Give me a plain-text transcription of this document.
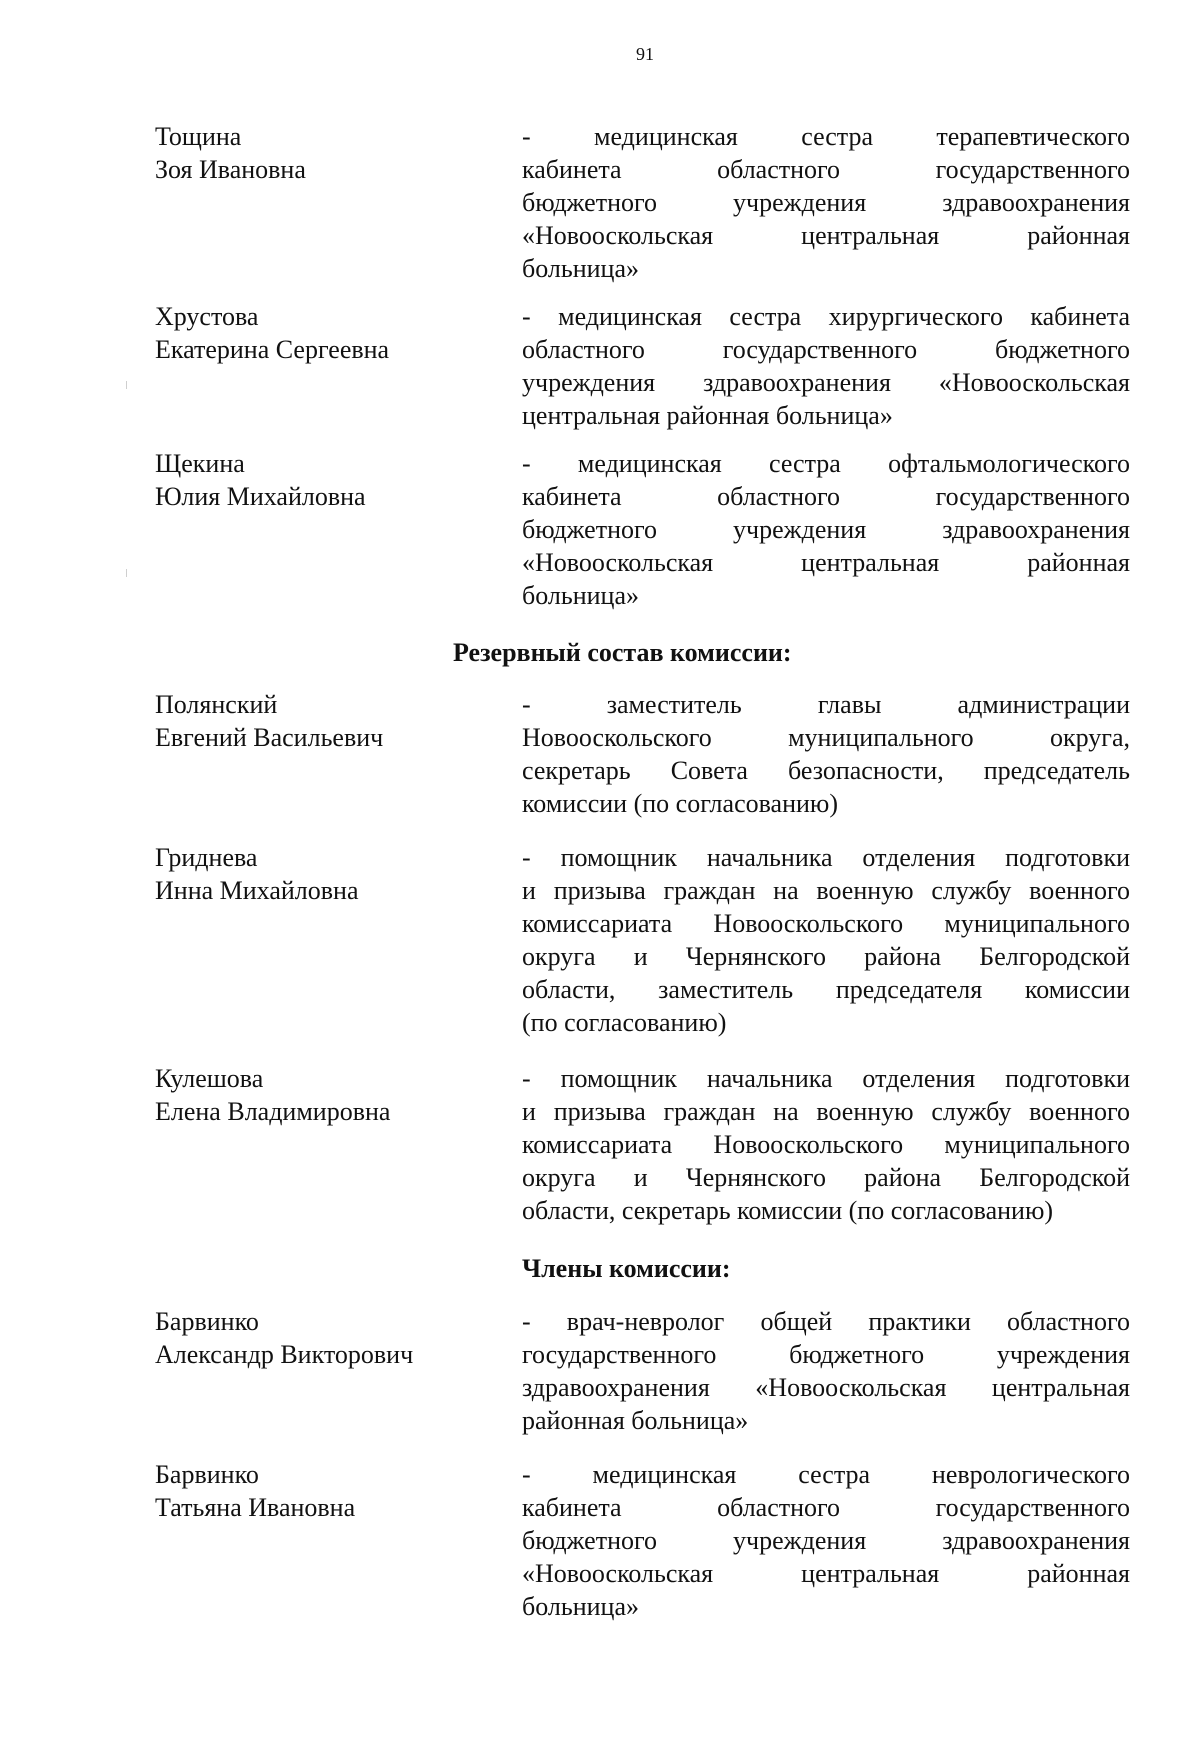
91
Тощина
Зоя Ивановна
- медицинская сестра терапевтического
кабинета областного государственного
бюджетного учреждения здравоохранения
«Новооскольская центральная районная
больница»
Хрустова
Екатерина Сергеевна
- медицинская сестра хирургического кабинета
областного государственного бюджетного
учреждения здравоохранения «Новооскольская
центральная районная больница»
Щекина
Юлия Михайловна
- медицинская сестра офтальмологического
кабинета областного государственного
бюджетного учреждения здравоохранения
«Новооскольская центральная районная
больница»
Резервный состав комиссии:
Полянский
Евгений Васильевич
- заместитель главы администрации
Новооскольского муниципального округа,
секретарь Совета безопасности, председатель
комиссии (по согласованию)
Гриднева
Инна Михайловна
- помощник начальника отделения подготовки
и призыва граждан на военную службу военного
комиссариата Новооскольского муниципального
округа и Чернянского района Белгородской
области, заместитель председателя комиссии
(по согласованию)
Кулешова
Елена Владимировна
- помощник начальника отделения подготовки
и призыва граждан на военную службу военного
комиссариата Новооскольского муниципального
округа и Чернянского района Белгородской
области, секретарь комиссии (по согласованию)
Члены комиссии:
Барвинко
Александр Викторович
- врач-невролог общей практики областного
государственного бюджетного учреждения
здравоохранения «Новооскольская центральная
районная больница»
Барвинко
Татьяна Ивановна
- медицинская сестра неврологического
кабинета областного государственного
бюджетного учреждения здравоохранения
«Новооскольская центральная районная
больница»
